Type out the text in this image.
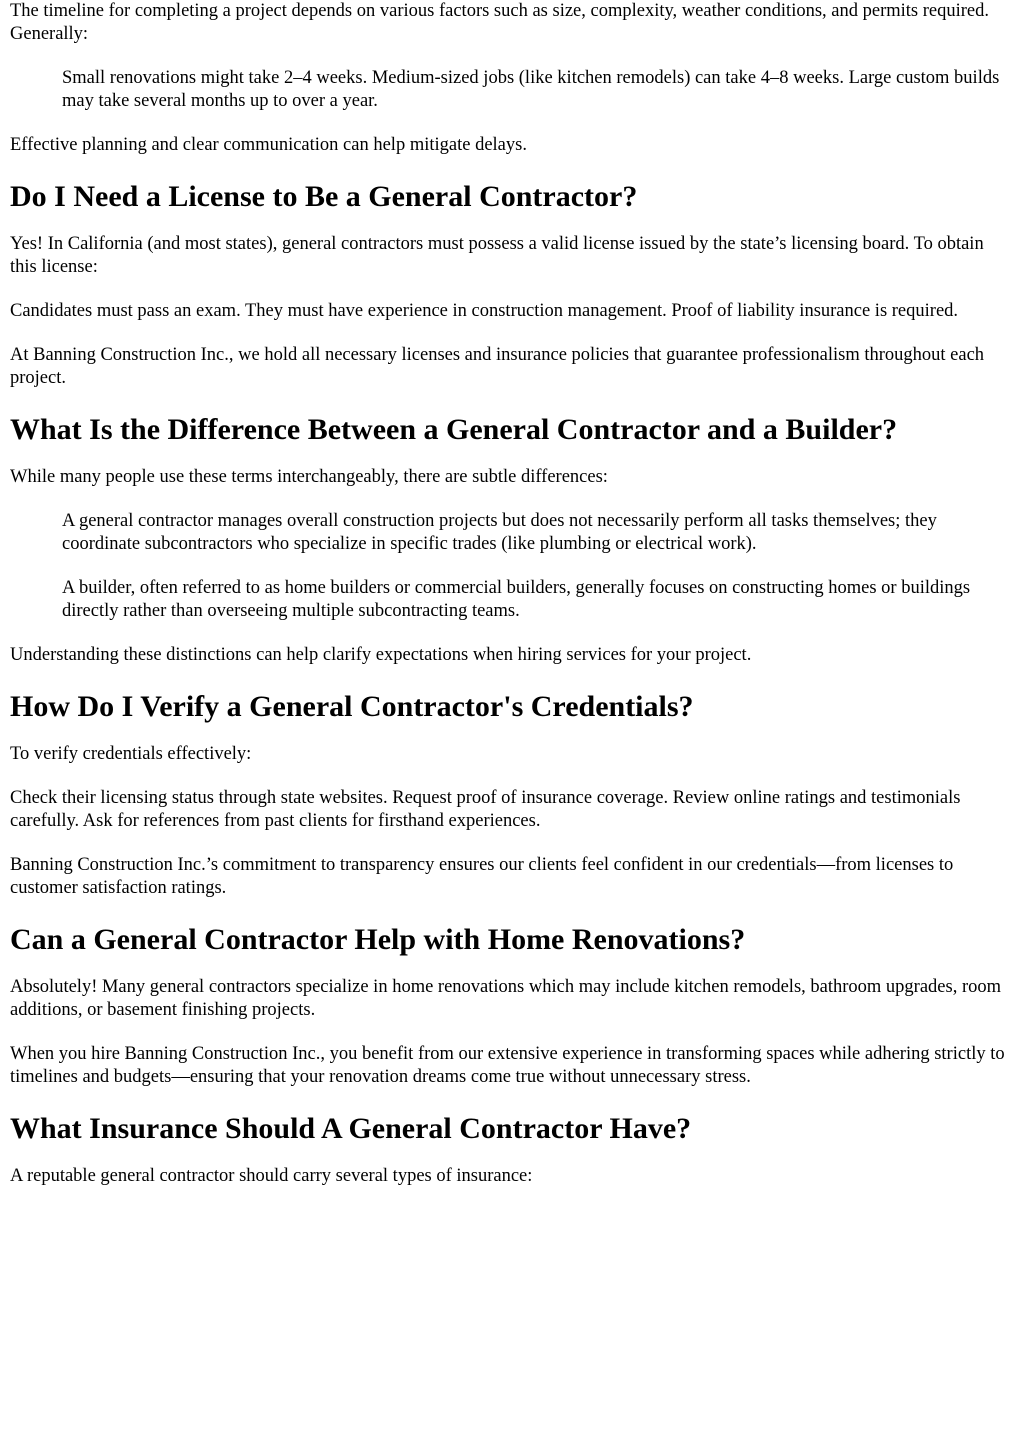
The timeline for completing a project depends on various factors such as size, complexity, weather conditions, and permits required. Generally:

Small renovations might take 2–4 weeks. Medium-sized jobs (like kitchen remodels) can take 4–8 weeks. Large custom builds may take several months up to over a year.

Effective planning and clear communication can help mitigate delays.

Do I Need a License to Be a General Contractor?

Yes! In California (and most states), general contractors must possess a valid license issued by the state’s licensing board. To obtain this license:

Candidates must pass an exam. They must have experience in construction management. Proof of liability insurance is required.

At Banning Construction Inc., we hold all necessary licenses and insurance policies that guarantee professionalism throughout each project.

What Is the Difference Between a General Contractor and a Builder?

While many people use these terms interchangeably, there are subtle differences:

A general contractor manages overall construction projects but does not necessarily perform all tasks themselves; they coordinate subcontractors who specialize in specific trades (like plumbing or electrical work).

A builder, often referred to as home builders or commercial builders, generally focuses on constructing homes or buildings directly rather than overseeing multiple subcontracting teams.

Understanding these distinctions can help clarify expectations when hiring services for your project.

How Do I Verify a General Contractor's Credentials?

To verify credentials effectively:

Check their licensing status through state websites. Request proof of insurance coverage. Review online ratings and testimonials carefully. Ask for references from past clients for firsthand experiences.

Banning Construction Inc.’s commitment to transparency ensures our clients feel confident in our credentials—from licenses to customer satisfaction ratings.

Can a General Contractor Help with Home Renovations?

Absolutely! Many general contractors specialize in home renovations which may include kitchen remodels, bathroom upgrades, room additions, or basement finishing projects.

When you hire Banning Construction Inc., you benefit from our extensive experience in transforming spaces while adhering strictly to timelines and budgets—ensuring that your renovation dreams come true without unnecessary stress.

What Insurance Should A General Contractor Have?

A reputable general contractor should carry several types of insurance:
